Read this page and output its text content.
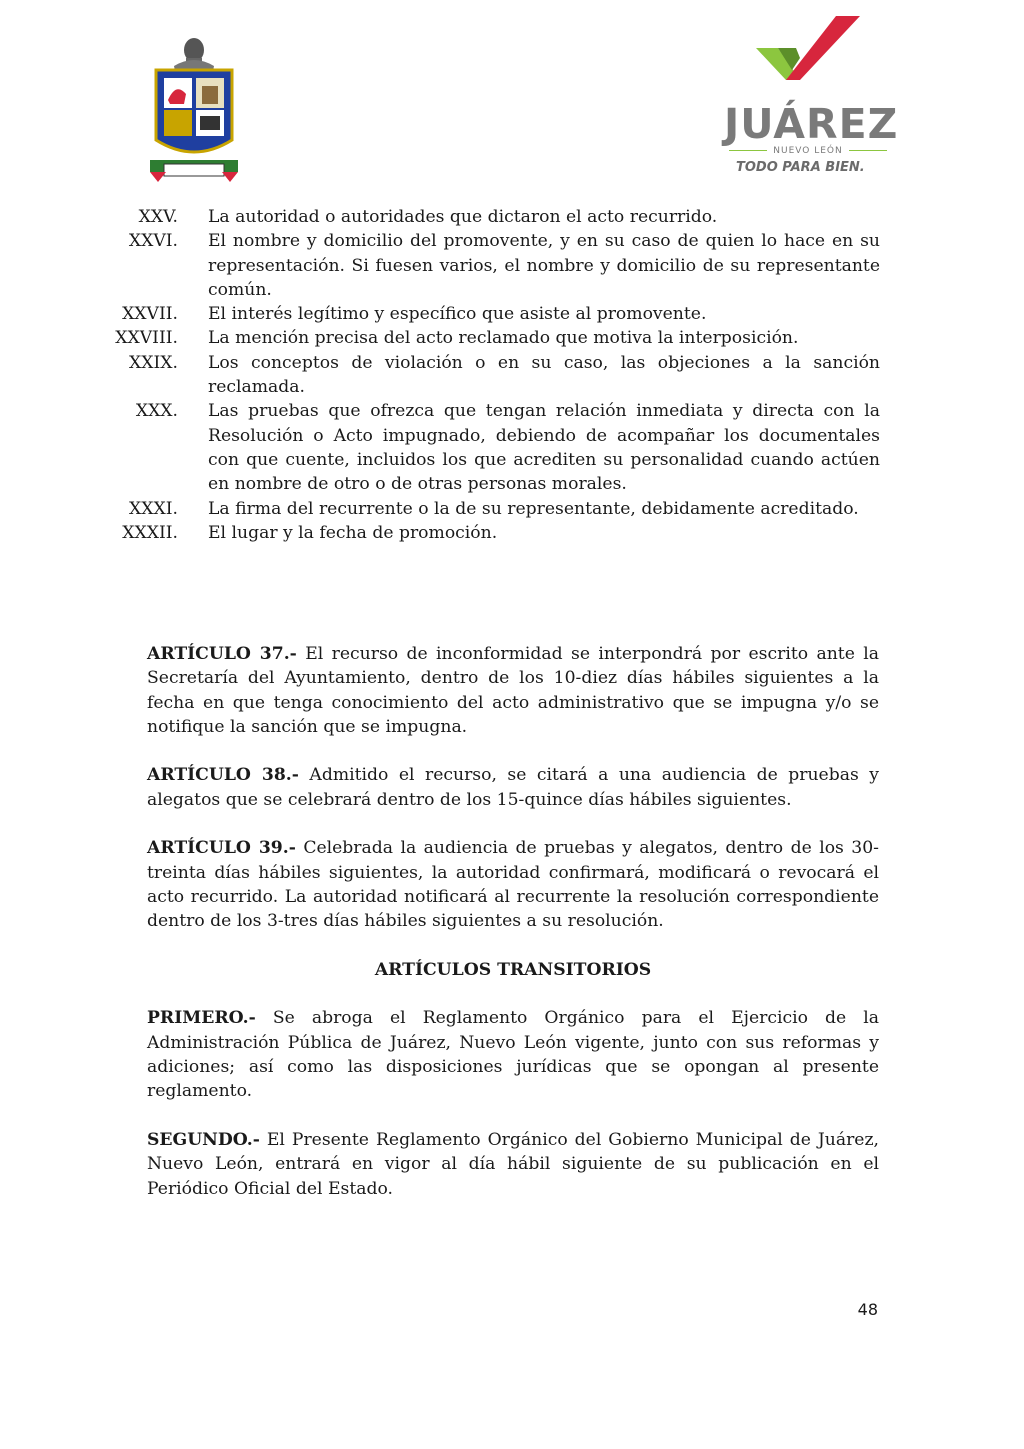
JUÁREZ
NUEVO LEÓN
TODO PARA BIEN.
XXV.	La autoridad o autoridades que dictaron el acto recurrido.
XXVI.	El nombre y domicilio del promovente, y en su caso de quien lo hace en su representación. Si fuesen varios, el nombre y domicilio de su representante común.
XXVII.	El interés legítimo y específico que asiste al promovente.
XXVIII.	La mención precisa del acto reclamado que motiva la interposición.
XXIX.	Los conceptos de violación o en su caso, las objeciones a la sanción reclamada.
XXX.	Las pruebas que ofrezca que tengan relación inmediata y directa con la Resolución o Acto impugnado, debiendo de acompañar los documentales con que cuente, incluidos los que acrediten su personalidad cuando actúen en nombre de otro o de otras personas morales.
XXXI.	La firma del recurrente o la de su representante, debidamente acreditado.
XXXII.	El lugar y la fecha de promoción.

ARTÍCULO 37.- El recurso de inconformidad se interpondrá por escrito ante la Secretaría del Ayuntamiento, dentro de los 10-diez días hábiles siguientes a la fecha en que tenga conocimiento del acto administrativo que se impugna y/o se notifique la sanción que se impugna.

ARTÍCULO 38.- Admitido el recurso, se citará a una audiencia de pruebas y alegatos que se celebrará dentro de los 15-quince días hábiles siguientes.

ARTÍCULO 39.- Celebrada la audiencia de pruebas y alegatos, dentro de los 30-treinta días hábiles siguientes, la autoridad confirmará, modificará o revocará el acto recurrido. La autoridad notificará al recurrente la resolución correspondiente dentro de los 3-tres días hábiles siguientes a su resolución.

ARTÍCULOS TRANSITORIOS

PRIMERO.- Se abroga el Reglamento Orgánico para el Ejercicio de la Administración Pública de Juárez, Nuevo León vigente, junto con sus reformas y adiciones; así como las disposiciones jurídicas que se opongan al presente reglamento.

SEGUNDO.- El Presente Reglamento Orgánico del Gobierno Municipal de Juárez, Nuevo León, entrará en vigor al día hábil siguiente de su publicación en el Periódico Oficial del Estado.

48
